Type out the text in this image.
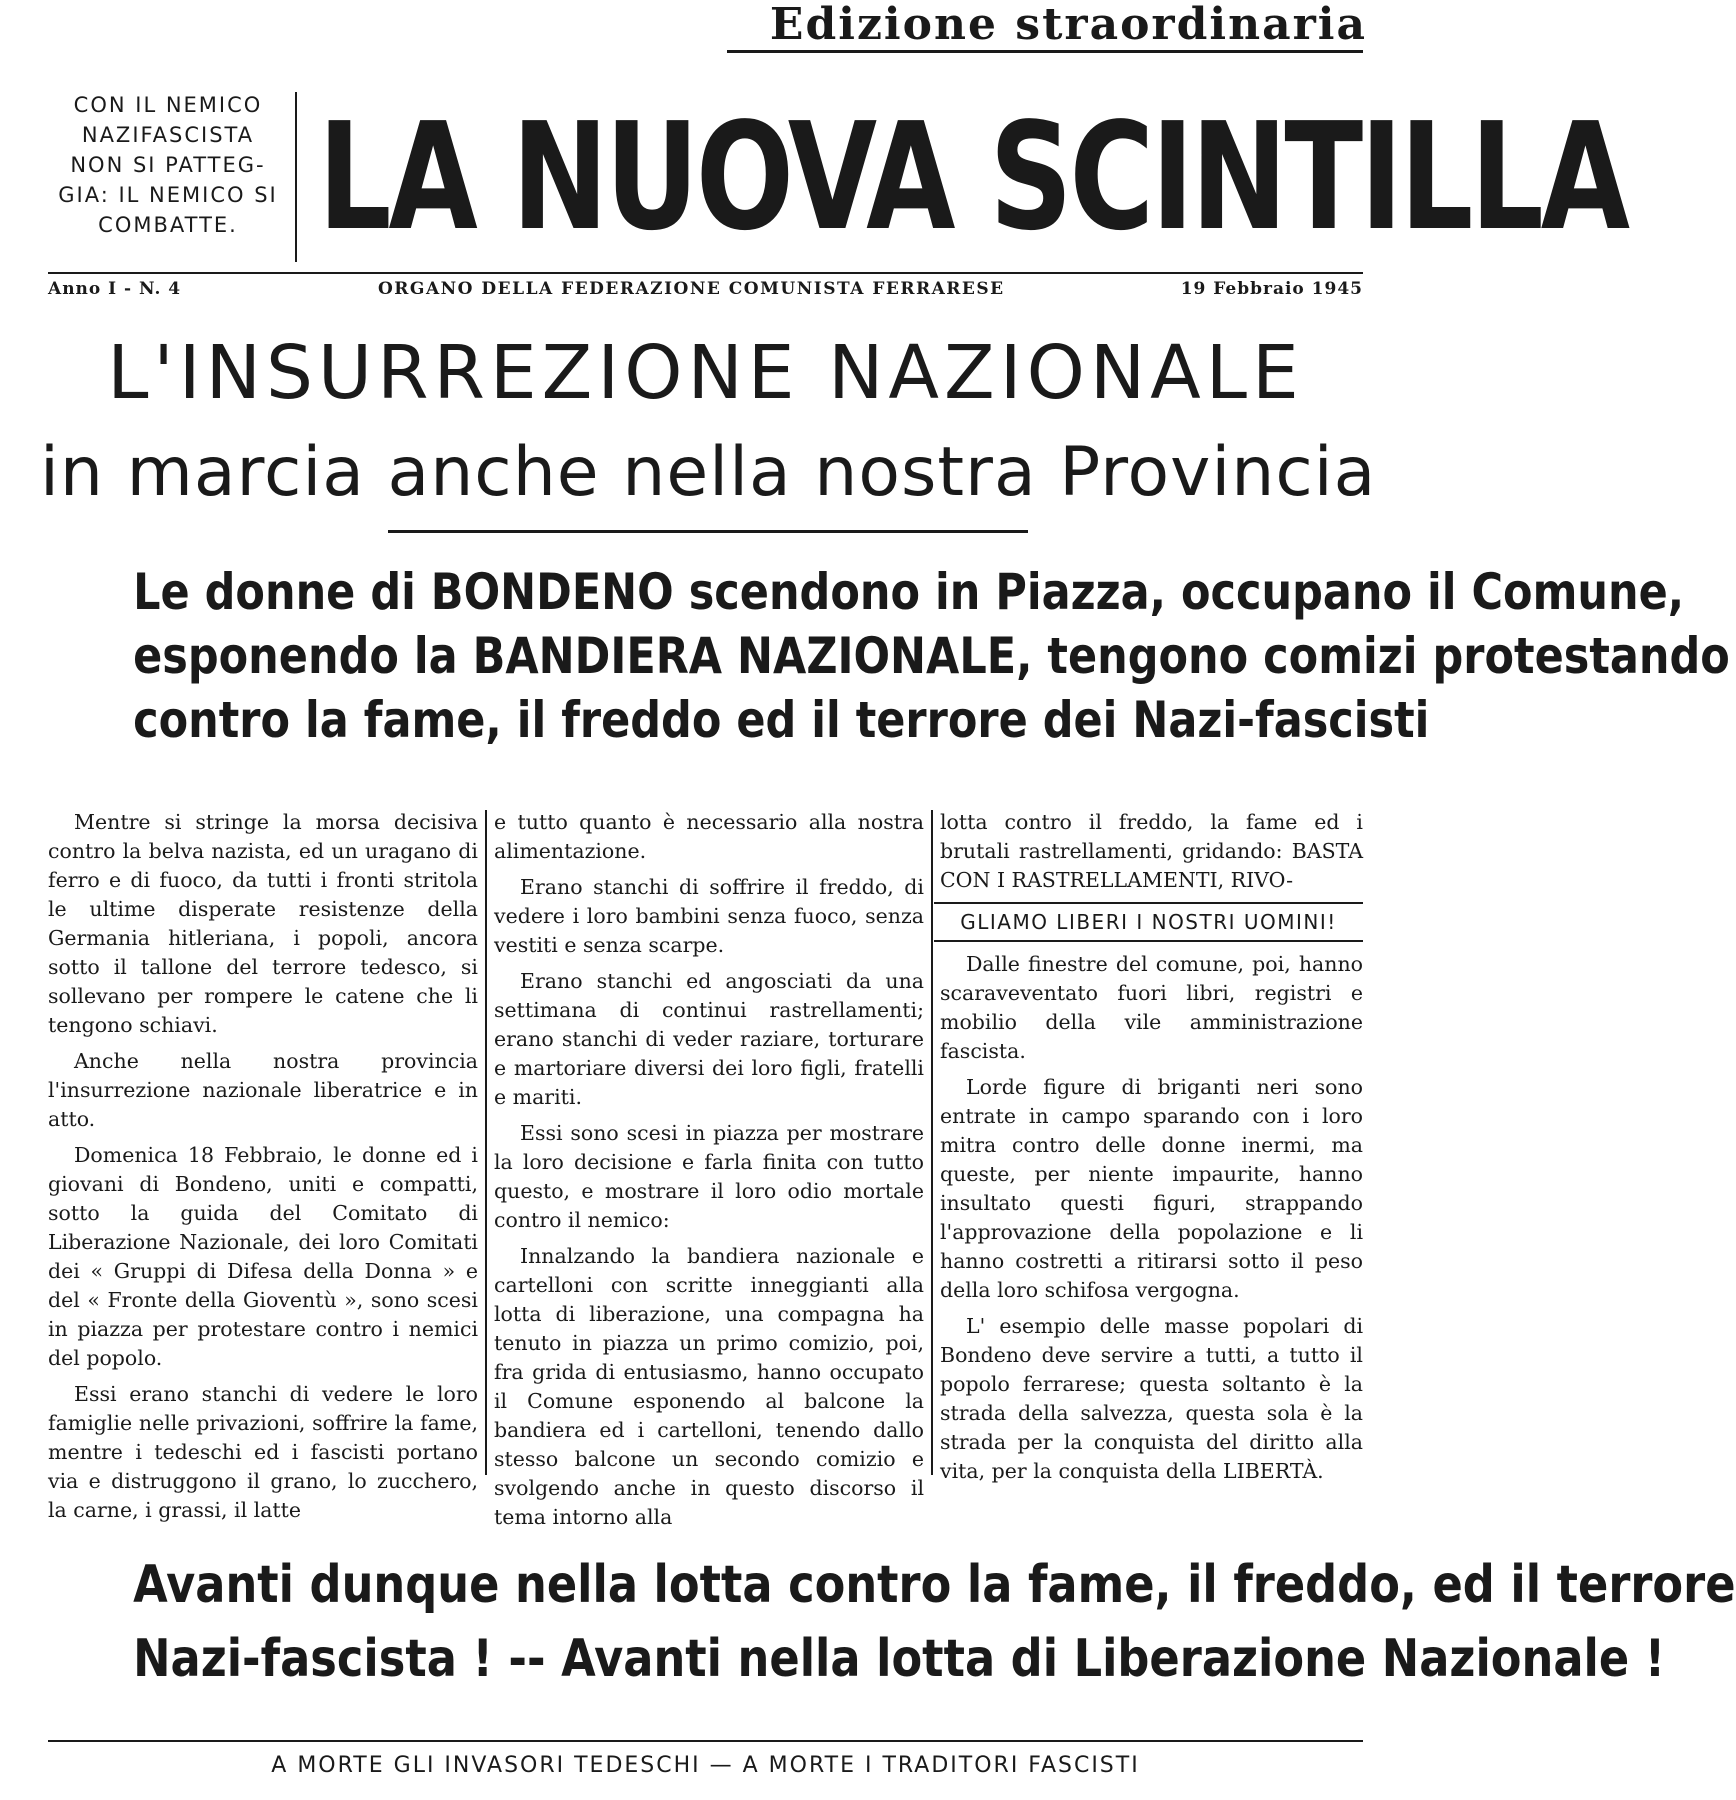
Edizione straordinaria
CON IL NEMICO
NAZIFASCISTA
NON SI PATTEG-
GIA: IL NEMICO SI
COMBATTE. LA NUOVA SCINTILLA
Anno I - N. 4	ORGANO DELLA FEDERAZIONE COMUNISTA FERRARESE	19 Febbraio 1945
L'INSURREZIONE NAZIONALE
in marcia anche nella nostra Provincia
Le donne di BONDENO scendono in Piazza, occupano il Comune,
esponendo la BANDIERA NAZIONALE, tengono comizi protestando
contro la fame, il freddo ed il terrore dei Nazi-fascisti

Mentre si stringe la morsa decisiva contro la belva nazista, ed un uragano di ferro e di fuoco, da tutti i fronti stritola le ultime disperate resistenze della Germania hitleriana, i popoli, ancora sotto il tallone del terrore tedesco, si sollevano per rompere le catene che li tengono schiavi.

Anche nella nostra provincia l'insurrezione nazionale liberatrice e in atto.

Domenica 18 Febbraio, le donne ed i giovani di Bondeno, uniti e compatti, sotto la guida del Comitato di Liberazione Nazionale, dei loro Comitati dei « Gruppi di Difesa della Donna » e del « Fronte della Gioventù », sono scesi in piazza per protestare contro i nemici del popolo.

Essi erano stanchi di vedere le loro famiglie nelle privazioni, soffrire la fame, mentre i tedeschi ed i fascisti portano via e distruggono il grano, lo zucchero, la carne, i grassi, il latte

e tutto quanto è necessario alla nostra alimentazione.

Erano stanchi di soffrire il freddo, di vedere i loro bambini senza fuoco, senza vestiti e senza scarpe.

Erano stanchi ed angosciati da una settimana di continui rastrellamenti; erano stanchi di veder raziare, torturare e martoriare diversi dei loro figli, fratelli e mariti.

Essi sono scesi in piazza per mostrare la loro decisione e farla finita con tutto questo, e mostrare il loro odio mortale contro il nemico:

Innalzando la bandiera nazionale e cartelloni con scritte inneggianti alla lotta di liberazione, una compagna ha tenuto in piazza un primo comizio, poi, fra grida di entusiasmo, hanno occupato il Comune esponendo al balcone la bandiera ed i cartelloni, tenendo dallo stesso balcone un secondo comizio e svolgendo anche in questo discorso il tema intorno alla

lotta contro il freddo, la fame ed i brutali rastrellamenti, gridando: BASTA CON I RASTRELLAMENTI, RIVO-

GLIAMO LIBERI I NOSTRI UOMINI!

Dalle finestre del comune, poi, hanno scaraveventato fuori libri, registri e mobilio della vile amministrazione fascista.

Lorde figure di briganti neri sono entrate in campo sparando con i loro mitra contro delle donne inermi, ma queste, per niente impaurite, hanno insultato questi figuri, strappando l'approvazione della popolazione e li hanno costretti a ritirarsi sotto il peso della loro schifosa vergogna.

L' esempio delle masse popolari di Bondeno deve servire a tutti, a tutto il popolo ferrarese; questa soltanto è la strada della salvezza, questa sola è la strada per la conquista del diritto alla vita, per la conquista della LIBERTÀ.

Avanti dunque nella lotta contro la fame, il freddo, ed il terrore
Nazi-fascista ! -- Avanti nella lotta di Liberazione Nazionale !
A MORTE GLI INVASORI TEDESCHI — A MORTE I TRADITORI FASCISTI
